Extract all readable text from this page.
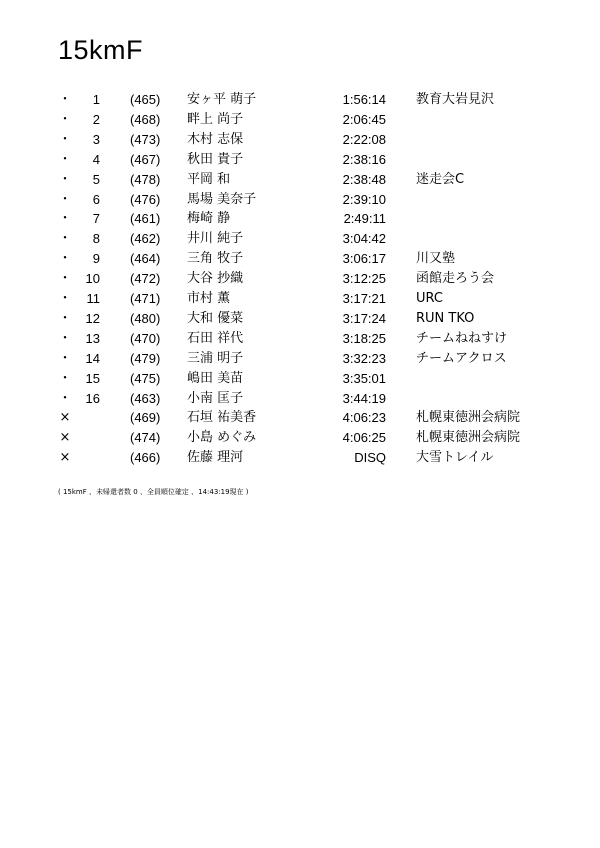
15kmF
・	1 (465) 安ヶ平 萌子	1:56:14 教育大岩見沢
・	2 (468) 畔上 尚子	2:06:45
・	3 (473) 木村 志保	2:22:08
・	4 (467) 秋田 貴子	2:38:16
・	5 (478) 平岡 和	2:38:48 迷走会C
・	6 (476) 馬場 美奈子	2:39:10
・	7 (461) 梅崎 静	2:49:11
・	8 (462) 井川 純子	3:04:42
・	9 (464) 三角 牧子	3:06:17 川又塾
・ 10 (472) 大谷 抄織	3:12:25 函館走ろう会
・	11 (471) 市村 薫	3:17:21 URC
・ 12 (480) 大和 優菜	3:17:24 RUN TKO
・ 13 (470) 石田 祥代	3:18:25 チームねねすけ
・ 14 (479) 三浦 明子	3:32:23 チームアクロス
・ 15 (475) 嶋田 美苗	3:35:01
・ 16 (463) 小南 匡子	3:44:19
×	(469) 石垣 祐美香	4:06:23 札幌東徳洲会病院
×	(474) 小島 めぐみ	4:06:25 札幌東徳洲会病院
×	(466) 佐藤 理河	DISQ 大雪トレイル
( 15kmF 、未帰還者数 0 、全員順位確定 、14:43:19現在 )
